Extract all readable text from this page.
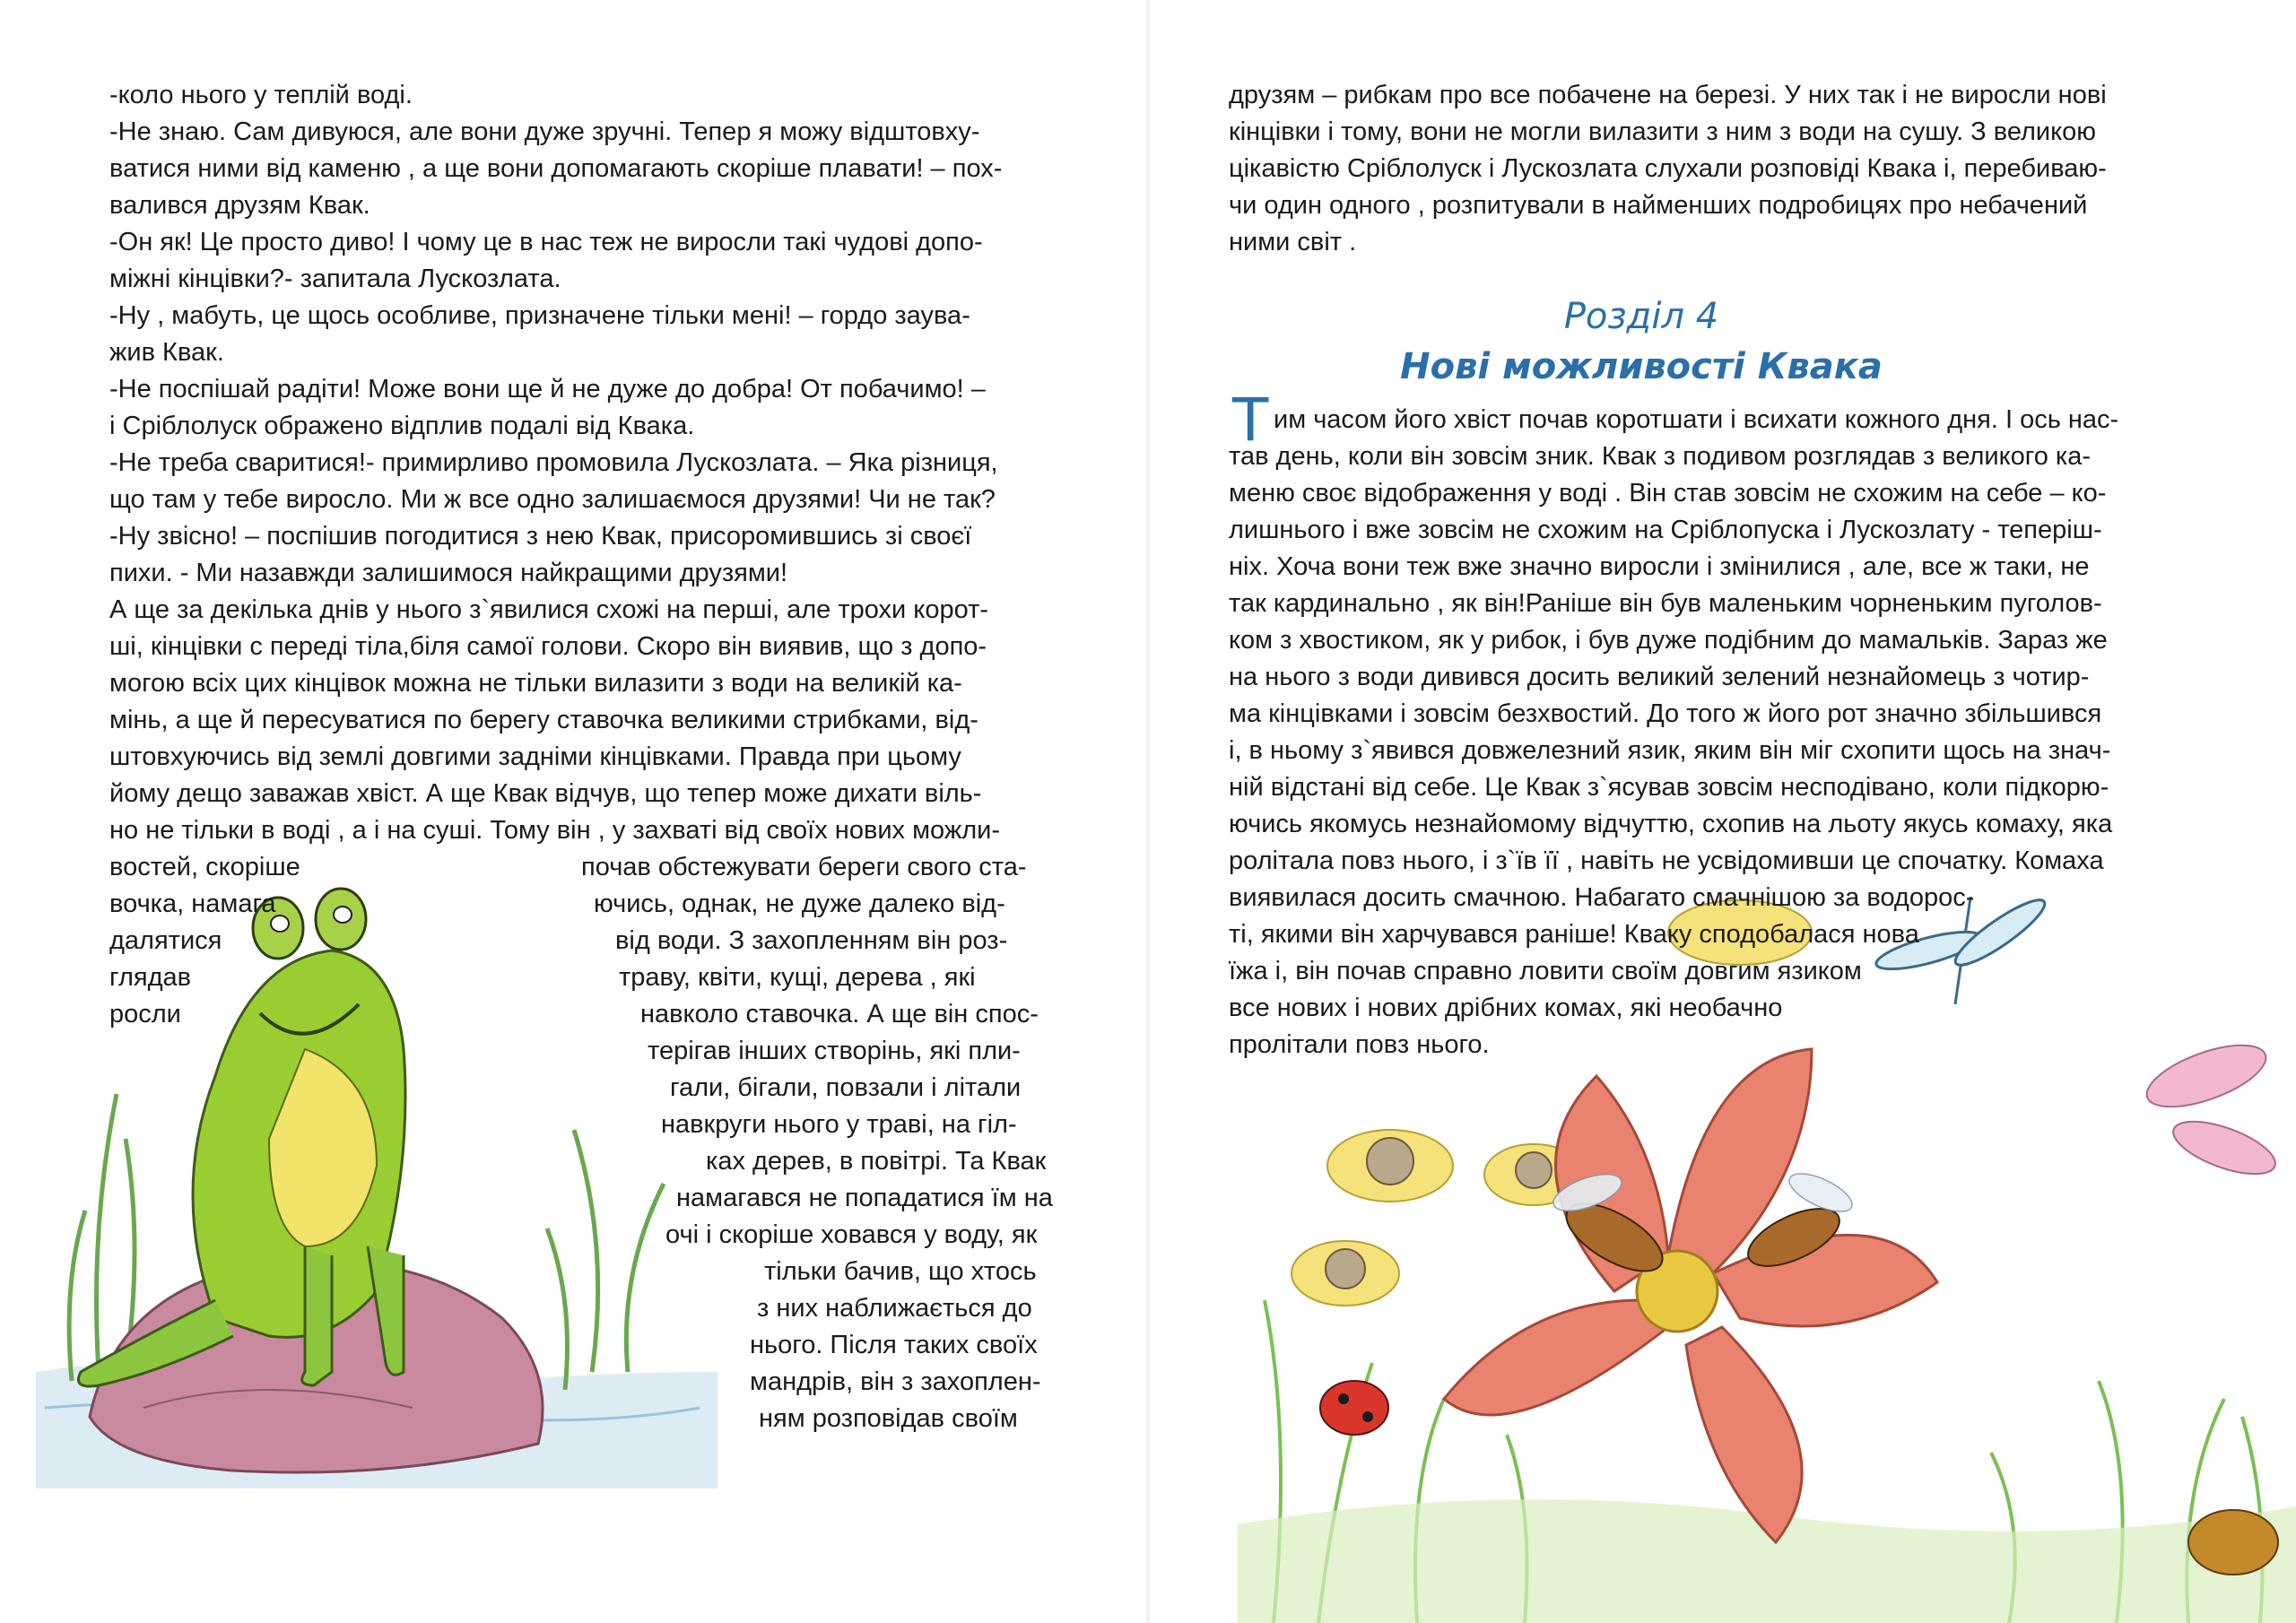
-коло нього у теплій воді.
-Не знаю. Сам дивуюся, але вони дуже зручні. Тепер я можу відштовху-
ватися ними від каменю , а ще вони допомагають скоріше плавати! – пох-
валився друзям Квак.
-Он як! Це просто диво! І чому це в нас теж не виросли такі чудові допо-
міжні кінцівки?- запитала Лускозлата.
-Ну , мабуть, це щось особливе, призначене тільки мені! – гордо заува-
жив Квак.
-Не поспішай радіти! Може вони ще й не дуже до добра! От побачимо! –
і Сріблолуск ображено відплив подалі від Квака.
-Не треба сваритися!- примирливо промовила Лускозлата. – Яка різниця,
що там у тебе виросло. Ми ж все одно залишаємося друзями! Чи не так?
-Ну звісно! – поспішив погодитися з нею Квак, присоромившись зі своєї
пихи. - Ми назавжди залишимося найкращими друзями!
А ще за декілька днів у нього з`явилися схожі на перші, але трохи корот-
ші, кінцівки с переді тіла,біля самої голови. Скоро він виявив, що з допо-
могою всіх цих кінцівок можна не тільки вилазити з води на великій ка-
мінь, а ще й пересуватися по берегу ставочка великими стрибками, від-
штовхуючись від землі довгими задніми кінцівками. Правда при цьому
йому дещо заважав хвіст. А ще Квак відчув, що тепер може дихати віль-
но не тільки в воді , а і на суші. Тому він , у захваті від своїх нових можли-
востей, скоріше
вочка, намага
далятися
глядав
росли
почав обстежувати береги свого ста-
ючись, однак, не дуже далеко від-
від води. З захопленням він роз-
траву, квіти, кущі, дерева , які
навколо ставочка. А ще він спос-
терігав інших створінь, які пли-
гали, бігали, повзали і літали
навкруги нього у траві, на гіл-
ках дерев, в повітрі. Та Квак
намагався не попадатися їм на
очі і скоріше ховався у воду, як
тільки бачив, що хтось
з них наближається до
нього. Після таких своїх
мандрів, він з захоплен-
ням розповідав своїм
друзям – рибкам про все побачене на березі. У них так і не виросли нові
кінцівки і тому, вони не могли вилазити з ним з води на сушу. З великою
цікавістю Сріблолуск і Лускозлата слухали розповіді Квака і, перебиваю-
чи один одного , розпитували в найменших подробицях про небачений
ними світ .
Розділ 4
Нові можливості Квака
Т им часом його хвіст почав коротшати і всихати кожного дня. І ось нас-
тав день, коли він зовсім зник. Квак з подивом розглядав з великого ка-
меню своє відображення у воді . Він став зовсім не схожим на себе – ко-
лишнього і вже зовсім не схожим на Сріблопуска і Лускозлату - теперіш-
ніх. Хоча вони теж вже значно виросли і змінилися , але, все ж таки, не
так кардинально , як він!Раніше він був маленьким чорненьким пуголов-
ком з хвостиком, як у рибок, і був дуже подібним до мамальків. Зараз же
на нього з води дивився досить великий зелений незнайомець з чотир-
ма кінцівками і зовсім безхвостий. До того ж його рот значно збільшився
і, в ньому з`явився довжелезний язик, яким він міг схопити щось на знач-
ній відстані від себе. Це Квак з`ясував зовсім несподівано, коли підкорю-
ючись якомусь незнайомому відчуттю, схопив на льоту якусь комаху, яка
ролітала повз нього, і з`їв її , навіть не усвідомивши це спочатку. Комаха
виявилася досить смачною. Набагато смачнішою за водорос-
ті, якими він харчувався раніше! Кваку сподобалася нова
їжа і, він почав справно ловити своїм довгим язиком
все нових і нових дрібних комах, які необачно
пролітали повз нього.
